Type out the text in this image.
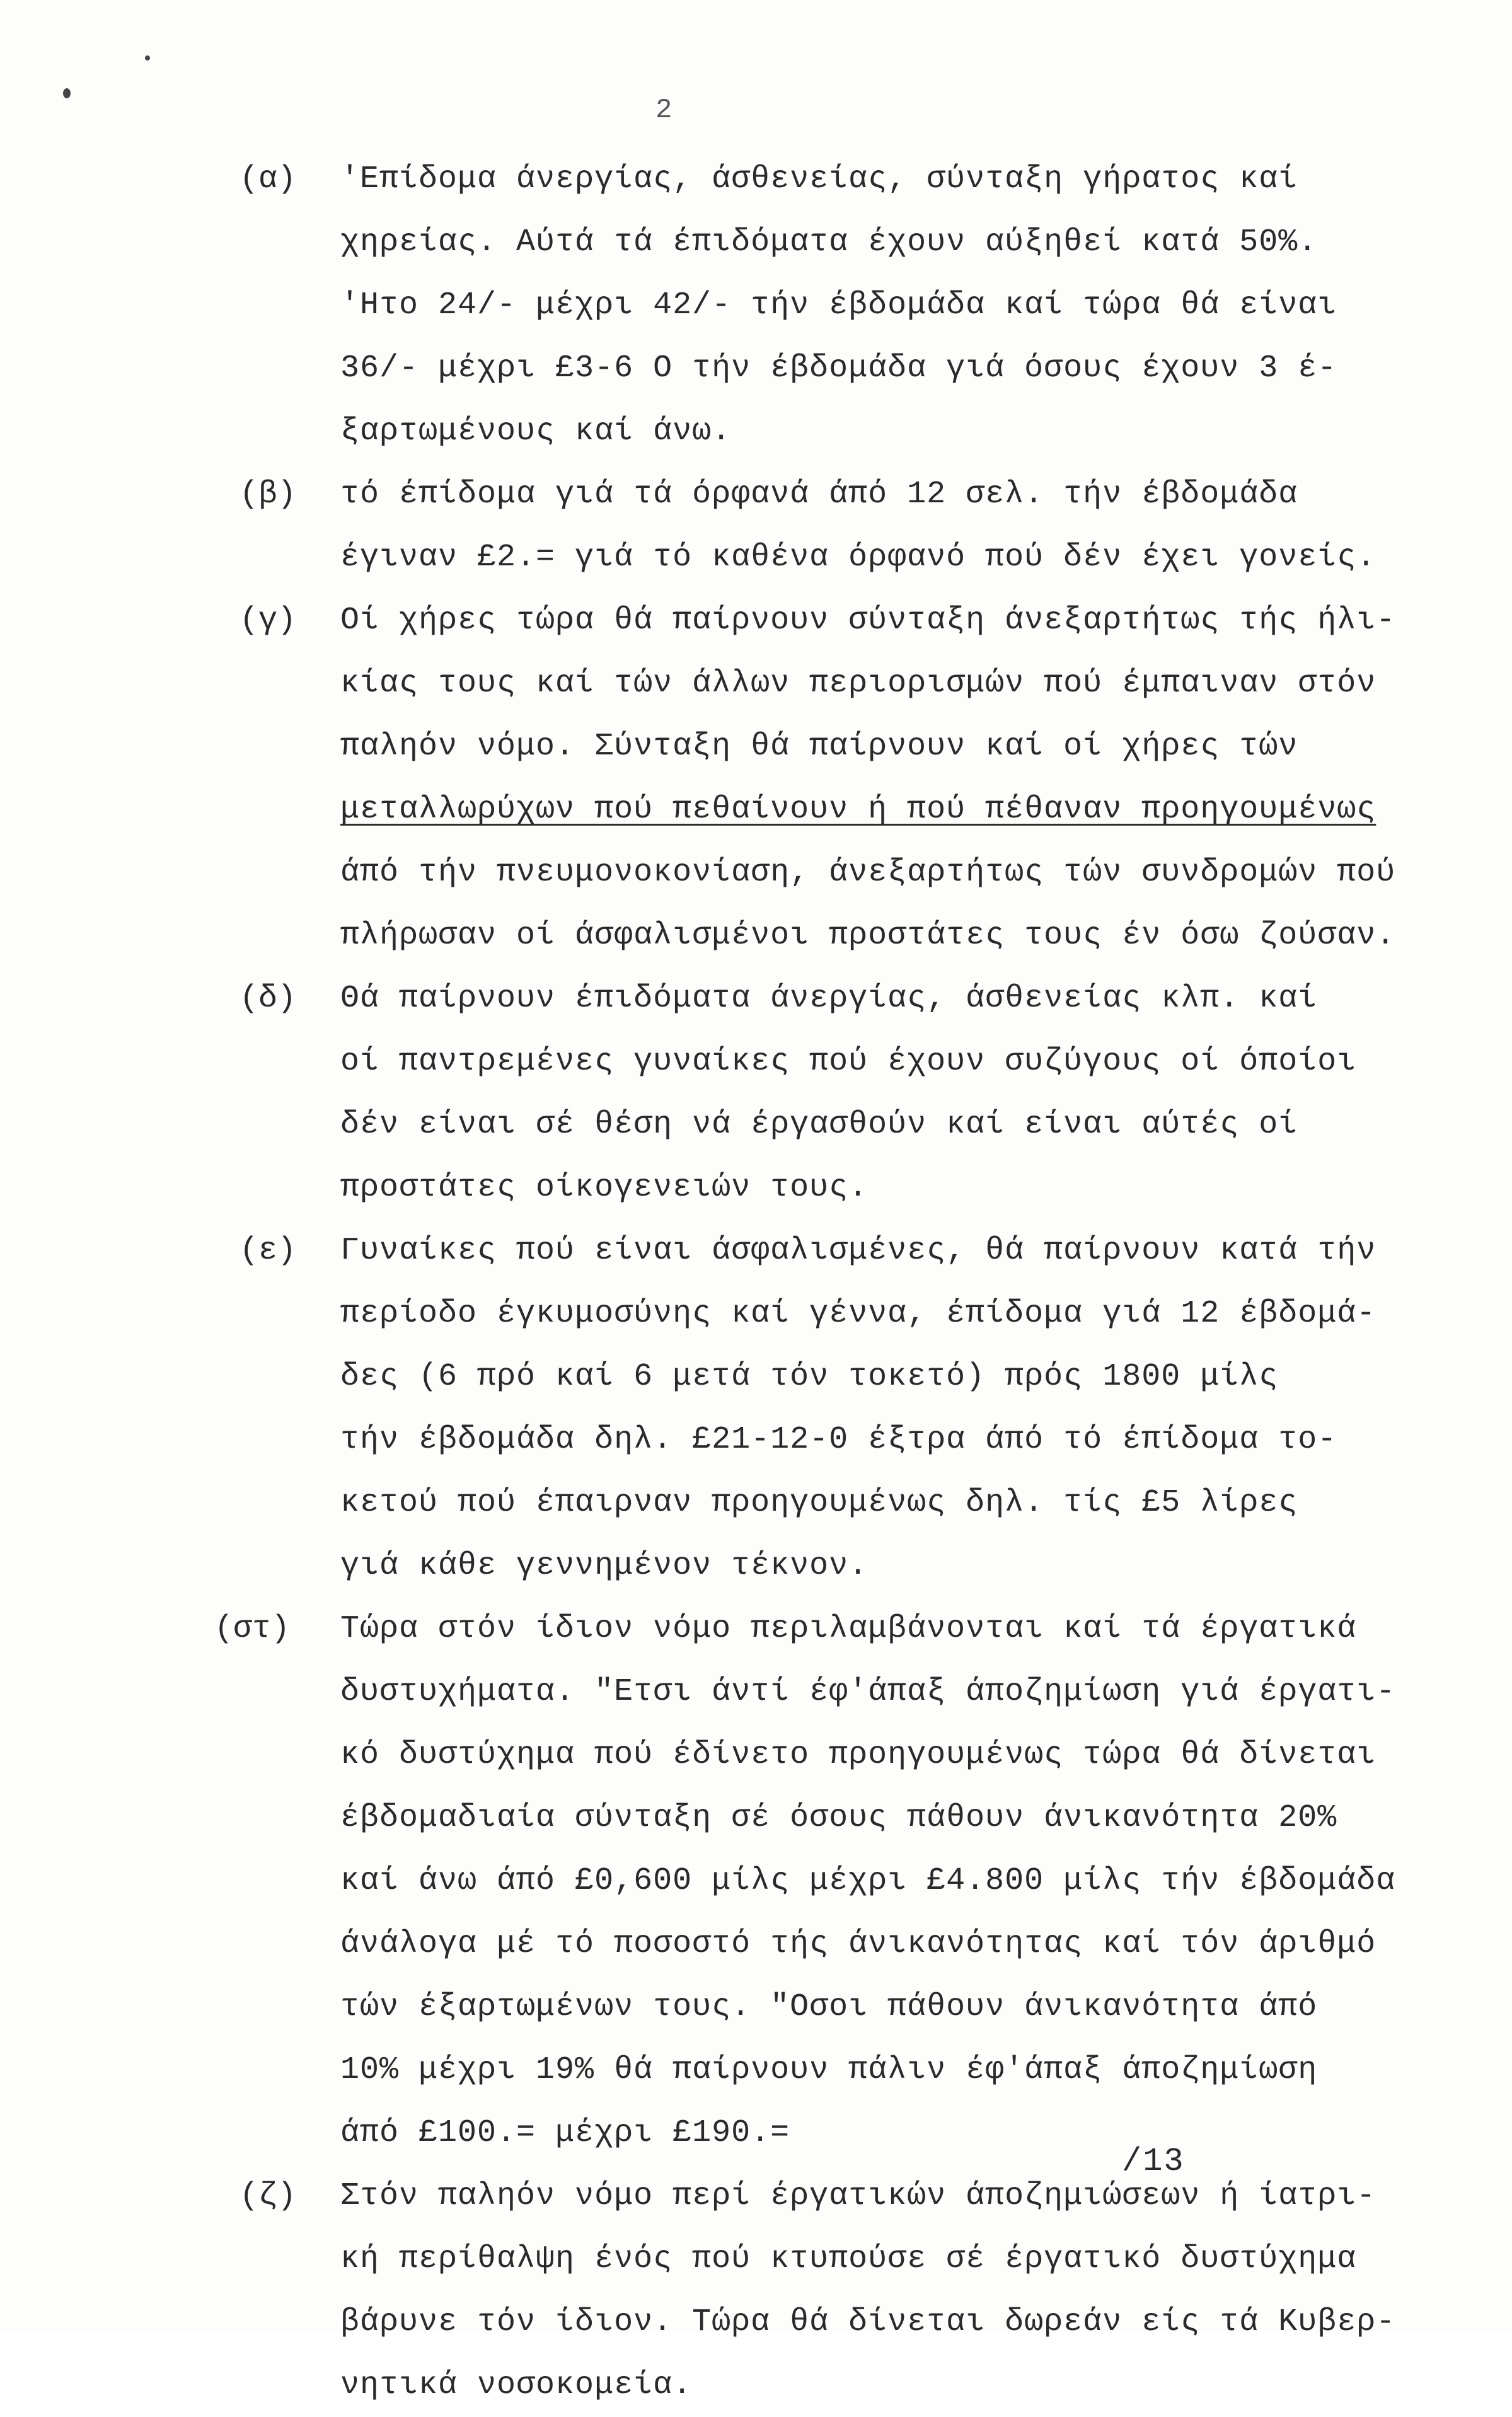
2
(α)	'Επίδομα άνεργίας, άσθενείας, σύνταξη γήρατος καί
χηρείας. Αύτά τά έπιδόματα έχουν αύξηθεί κατά 50%.
'Ητο 24/- μέχρι 42/- τήν έβδομάδα καί τώρα θά είναι
36/- μέχρι £3-6 Ο τήν έβδομάδα γιά όσους έχουν 3 έ-
ξαρτωμένους καί άνω.
(β)	τό έπίδομα γιά τά όρφανά άπό 12 σελ. τήν έβδομάδα
έγιναν £2.= γιά τό καθένα όρφανό πού δέν έχει γονείς.
(γ)	Οί χήρες τώρα θά παίρνουν σύνταξη άνεξαρτήτως τής ήλι-
κίας τους καί τών άλλων περιορισμών πού έμπαιναν στόν
παληόν νόμο. Σύνταξη θά παίρνουν καί οί χήρες τών
μεταλλωρύχων πού πεθαίνουν ή πού πέθαναν προηγουμένως
άπό τήν πνευμονοκονίαση, άνεξαρτήτως τών συνδρομών πού
πλήρωσαν οί άσφαλισμένοι προστάτες τους έν όσω ζούσαν.
(δ)	Θά παίρνουν έπιδόματα άνεργίας, άσθενείας κλπ. καί
οί παντρεμένες γυναίκες πού έχουν συζύγους οί όποίοι
δέν είναι σέ θέση νά έργασθούν καί είναι αύτές οί
προστάτες οίκογενειών τους.
(ε)	Γυναίκες πού είναι άσφαλισμένες, θά παίρνουν κατά τήν
περίοδο έγκυμοσύνης καί γέννα, έπίδομα γιά 12 έβδομά-
δες (6 πρό καί 6 μετά τόν τοκετό) πρός 1800 μίλς
τήν έβδομάδα δηλ. £21-12-0 έξτρα άπό τό έπίδομα το-
κετού πού έπαιρναν προηγουμένως δηλ. τίς £5 λίρες
γιά κάθε γεννημένον τέκνον.
(στ)	Τώρα στόν ίδιον νόμο περιλαμβάνονται καί τά έργατικά
δυστυχήματα. "Ετσι άντί έφ'άπαξ άποζημίωση γιά έργατι-
κό δυστύχημα πού έδίνετο προηγουμένως τώρα θά δίνεται
έβδομαδιαία σύνταξη σέ όσους πάθουν άνικανότητα 20%
καί άνω άπό £0,600 μίλς μέχρι £4.800 μίλς τήν έβδομάδα
άνάλογα μέ τό ποσοστό τής άνικανότητας καί τόν άριθμό
τών έξαρτωμένων τους. "Οσοι πάθουν άνικανότητα άπό
10% μέχρι 19% θά παίρνουν πάλιν έφ'άπαξ άποζημίωση
άπό £100.= μέχρι £190.=
(ζ)	Στόν παληόν νόμο περί έργατικών άποζημιώσεων ή ίατρι-
κή περίθαλψη ένός πού κτυπούσε σέ έργατικό δυστύχημα
βάρυνε τόν ίδιον. Τώρα θά δίνεται δωρεάν είς τά Κυβερ-
νητικά νοσοκομεία.
/13
